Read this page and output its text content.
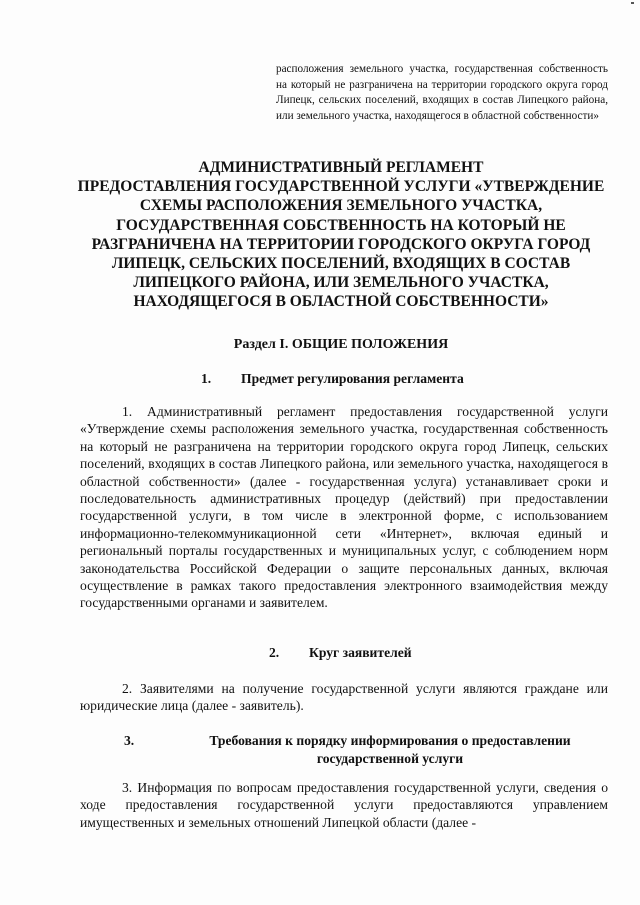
расположения земельного участка, государственная собственность на который не разграничена на территории городского округа город Липецк, сельских поселений, входящих в состав Липецкого района, или земельного участка, находящегося в областной собственности»
АДМИНИСТРАТИВНЫЙ РЕГЛАМЕНТ
ПРЕДОСТАВЛЕНИЯ ГОСУДАРСТВЕННОЙ УСЛУГИ «УТВЕРЖДЕНИЕ
СХЕМЫ РАСПОЛОЖЕНИЯ ЗЕМЕЛЬНОГО УЧАСТКА,
ГОСУДАРСТВЕННАЯ СОБСТВЕННОСТЬ НА КОТОРЫЙ НЕ
РАЗГРАНИЧЕНА НА ТЕРРИТОРИИ ГОРОДСКОГО ОКРУГА ГОРОД
ЛИПЕЦК, СЕЛЬСКИХ ПОСЕЛЕНИЙ, ВХОДЯЩИХ В СОСТАВ
ЛИПЕЦКОГО РАЙОНА, ИЛИ ЗЕМЕЛЬНОГО УЧАСТКА,
НАХОДЯЩЕГОСЯ В ОБЛАСТНОЙ СОБСТВЕННОСТИ»
Раздел I. ОБЩИЕ ПОЛОЖЕНИЯ
1. Предмет регулирования регламента
1. Административный регламент предоставления государственной услуги «Утверждение схемы расположения земельного участка, государственная собственность на который не разграничена на территории городского округа город Липецк, сельских поселений, входящих в состав Липецкого района, или земельного участка, находящегося в областной собственности» (далее - государственная услуга) устанавливает сроки и последовательность административных процедур (действий) при предоставлении государственной услуги, в том числе в электронной форме, с использованием информационно-телекоммуникационной сети «Интернет», включая единый и региональный порталы государственных и муниципальных услуг, с соблюдением норм законодательства Российской Федерации о защите персональных данных, включая осуществление в рамках такого предоставления электронного взаимодействия между государственными органами и заявителем.
2. Круг заявителей
2. Заявителями на получение государственной услуги являются граждане или юридические лица (далее - заявитель).
3.	Требования к порядку информирования о предоставлении
государственной услуги
3. Информация по вопросам предоставления государственной услуги, сведения о ходе предоставления государственной услуги предоставляются управлением имущественных и земельных отношений Липецкой области (далее -
